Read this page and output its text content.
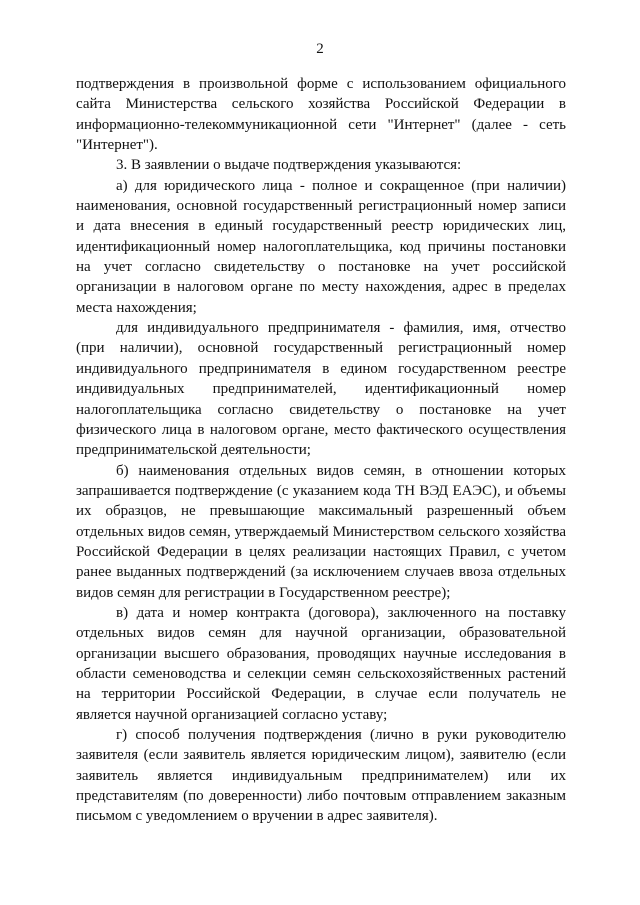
2

подтверждения в произвольной форме с использованием официального сайта Министерства сельского хозяйства Российской Федерации в информационно-телекоммуникационной сети "Интернет" (далее - сеть "Интернет").

3. В заявлении о выдаче подтверждения указываются:

а) для юридического лица - полное и сокращенное (при наличии) наименования, основной государственный регистрационный номер записи и дата внесения в единый государственный реестр юридических лиц, идентификационный номер налогоплательщика, код причины постановки на учет согласно свидетельству о постановке на учет российской организации в налоговом органе по месту нахождения, адрес в пределах места нахождения;

для индивидуального предпринимателя - фамилия, имя, отчество (при наличии), основной государственный регистрационный номер индивидуального предпринимателя в едином государственном реестре индивидуальных предпринимателей, идентификационный номер налогоплательщика согласно свидетельству о постановке на учет физического лица в налоговом органе, место фактического осуществления предпринимательской деятельности;

б) наименования отдельных видов семян, в отношении которых запрашивается подтверждение (с указанием кода ТН ВЭД ЕАЭС), и объемы их образцов, не превышающие максимальный разрешенный объем отдельных видов семян, утверждаемый Министерством сельского хозяйства Российской Федерации в целях реализации настоящих Правил, с учетом ранее выданных подтверждений (за исключением случаев ввоза отдельных видов семян для регистрации в Государственном реестре);

в) дата и номер контракта (договора), заключенного на поставку отдельных видов семян для научной организации, образовательной организации высшего образования, проводящих научные исследования в области семеноводства и селекции семян сельскохозяйственных растений на территории Российской Федерации, в случае если получатель не является научной организацией согласно уставу;

г) способ получения подтверждения (лично в руки руководителю заявителя (если заявитель является юридическим лицом), заявителю (если заявитель является индивидуальным предпринимателем) или их представителям (по доверенности) либо почтовым отправлением заказным письмом с уведомлением о вручении в адрес заявителя).
